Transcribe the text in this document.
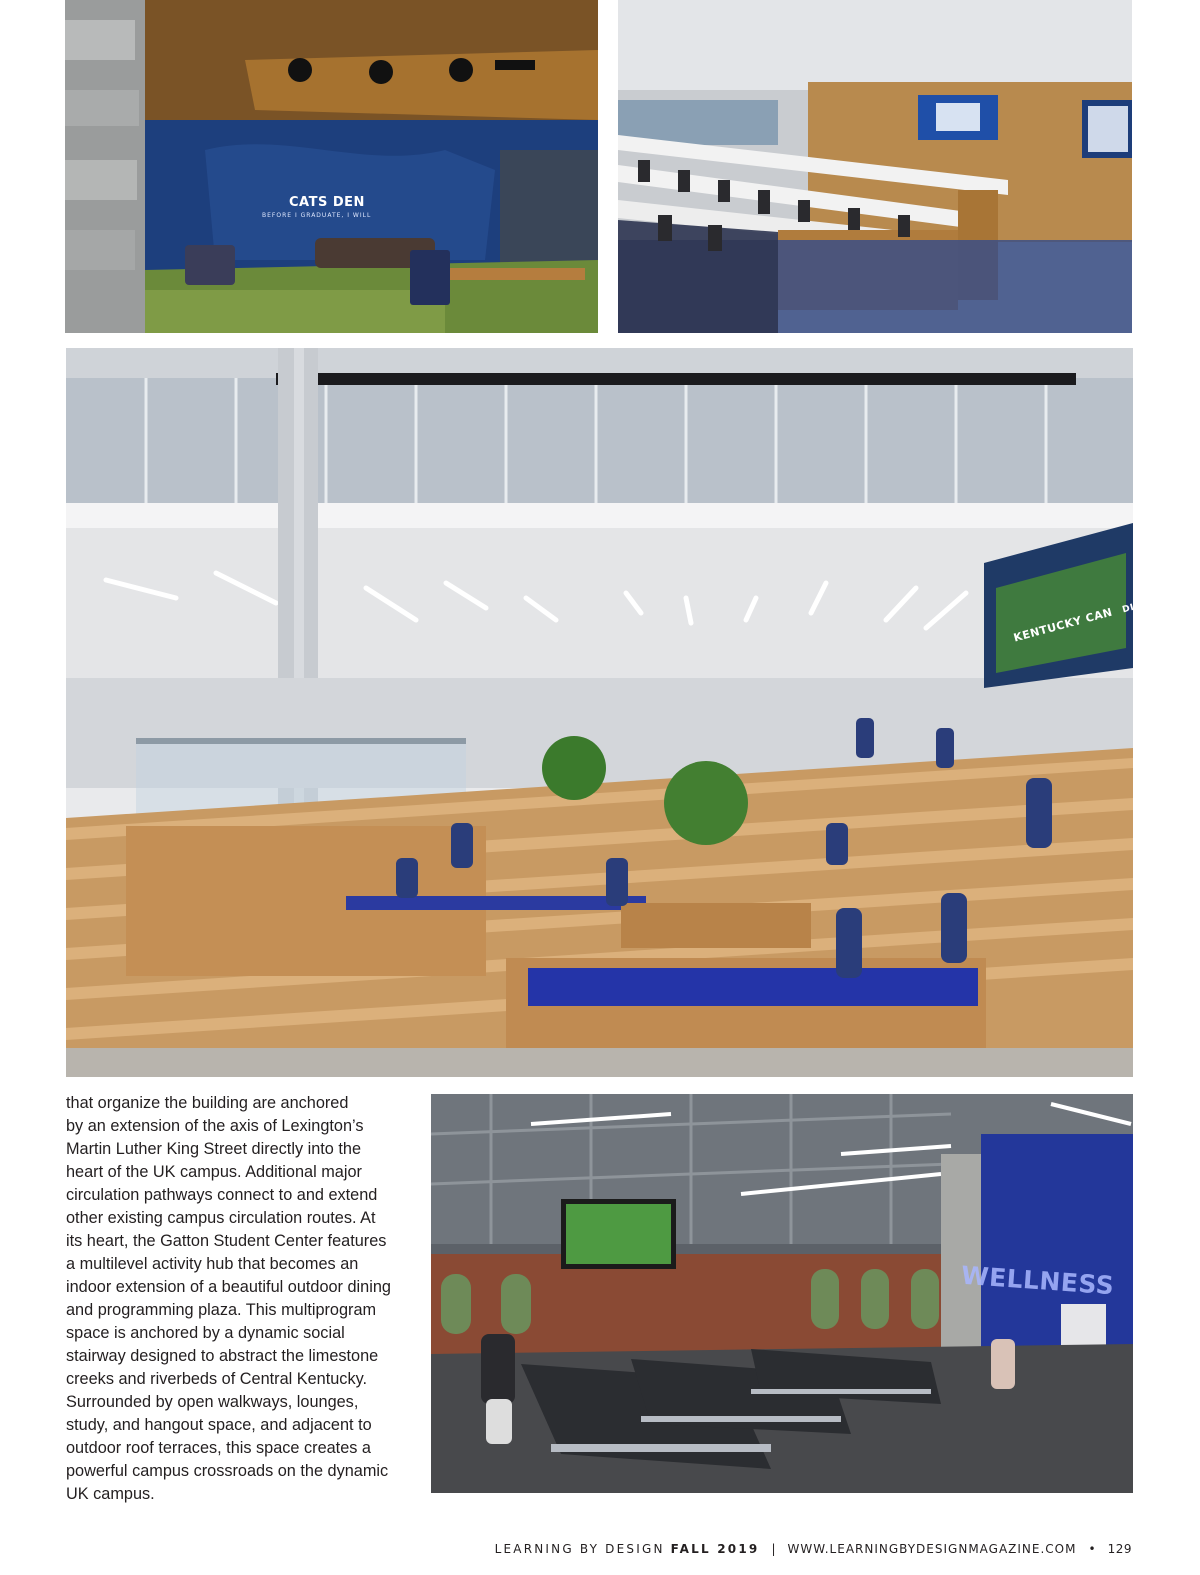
CATS DEN
BEFORE I GRADUATE, I WILL
KENTUCKY CAN DISCOVER
WELLNESS
that organize the building are anchored
by an extension of the axis of Lexington’s
Martin Luther King Street directly into the
heart of the UK campus. Additional major
circulation pathways connect to and extend
other existing campus circulation routes. At
its heart, the Gatton Student Center features
a multilevel activity hub that becomes an
indoor extension of a beautiful outdoor dining
and programming plaza. This multiprogram
space is anchored by a dynamic social
stairway designed to abstract the limestone
creeks and riverbeds of Central Kentucky.
Surrounded by open walkways, lounges,
study, and hangout space, and adjacent to
outdoor roof terraces, this space creates a
powerful campus crossroads on the dynamic
UK campus.
LEARNING BY DESIGN FALL 2019 | WWW.LEARNINGBYDESIGNMAGAZINE.COM • 129
